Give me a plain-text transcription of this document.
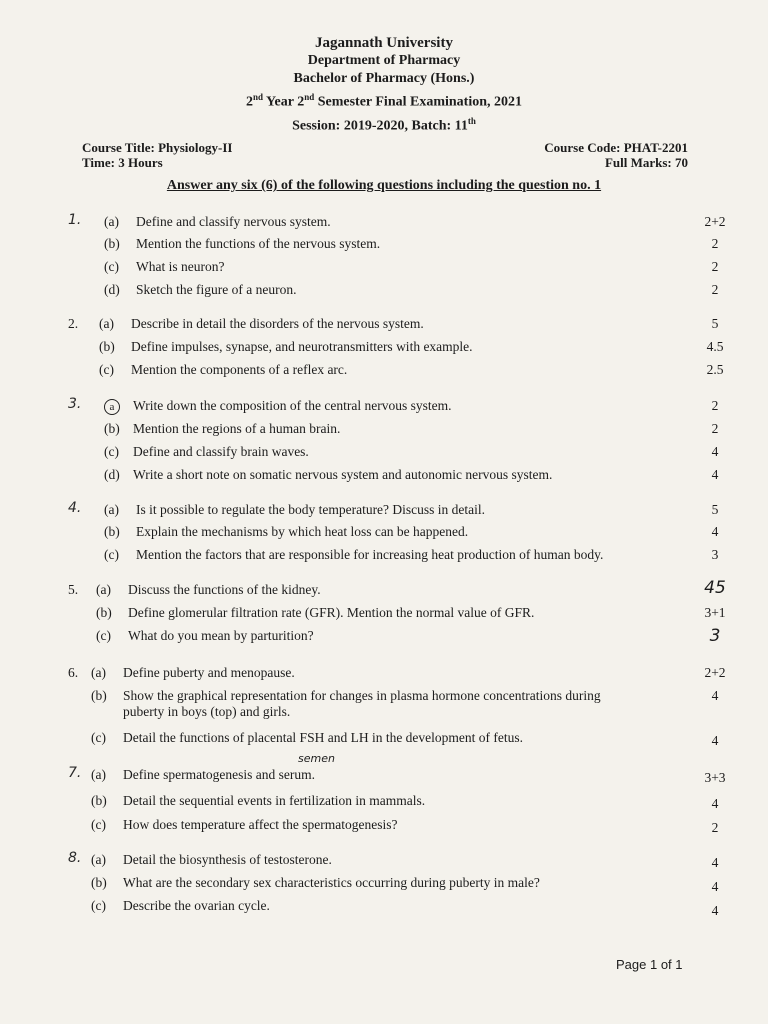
Jagannath University
Department of Pharmacy
Bachelor of Pharmacy (Hons.)
2nd Year 2nd Semester Final Examination, 2021
Session: 2019-2020, Batch: 11th
Course Title: Physiology-II	Course Code: PHAT-2201
Time: 3 Hours	Full Marks: 70
Answer any six (6) of the following questions including the question no. 1
1.	(a)	Define and classify nervous system.	2+2
(b)	Mention the functions of the nervous system.	2
(c)	What is neuron?	2
(d)	Sketch the figure of a neuron.	2
2.	(a)	Describe in detail the disorders of the nervous system.	5
(b)	Define impulses, synapse, and neurotransmitters with example.	4.5
(c)	Mention the components of a reflex arc.	2.5
3.	a	Write down the composition of the central nervous system.	2
(b) Mention the regions of a human brain.	2
(c)	Define and classify brain waves.	4
(d) Write a short note on somatic nervous system and autonomic nervous system.	4
4.	(a)	Is it possible to regulate the body temperature? Discuss in detail.	5
(b)	Explain the mechanisms by which heat loss can be happened.	4
(c)	Mention the factors that are responsible for increasing heat production of human body.	3
5.	(a)	Discuss the functions of the kidney.	45
(b)	Define glomerular filtration rate (GFR). Mention the normal value of GFR.	3+1
(c)	What do you mean by parturition?	3
6. (a)	Define puberty and menopause.	2+2
(b)	Show the graphical representation for changes in plasma hormone concentrations during
puberty in boys (top) and girls.
4
(c)	Detail the functions of placental FSH and LH in the development of fetus.	4
7. (a)	Define spermatogenesis and serum.	3+3
(b)	Detail the sequential events in fertilization in mammals.	4
(c)	How does temperature affect the spermatogenesis?	2
8. (a)	Detail the biosynthesis of testosterone.	4
(b)	What are the secondary sex characteristics occurring during puberty in male?	4
(c)	Describe the ovarian cycle.	4
semen
Page 1 of 1
